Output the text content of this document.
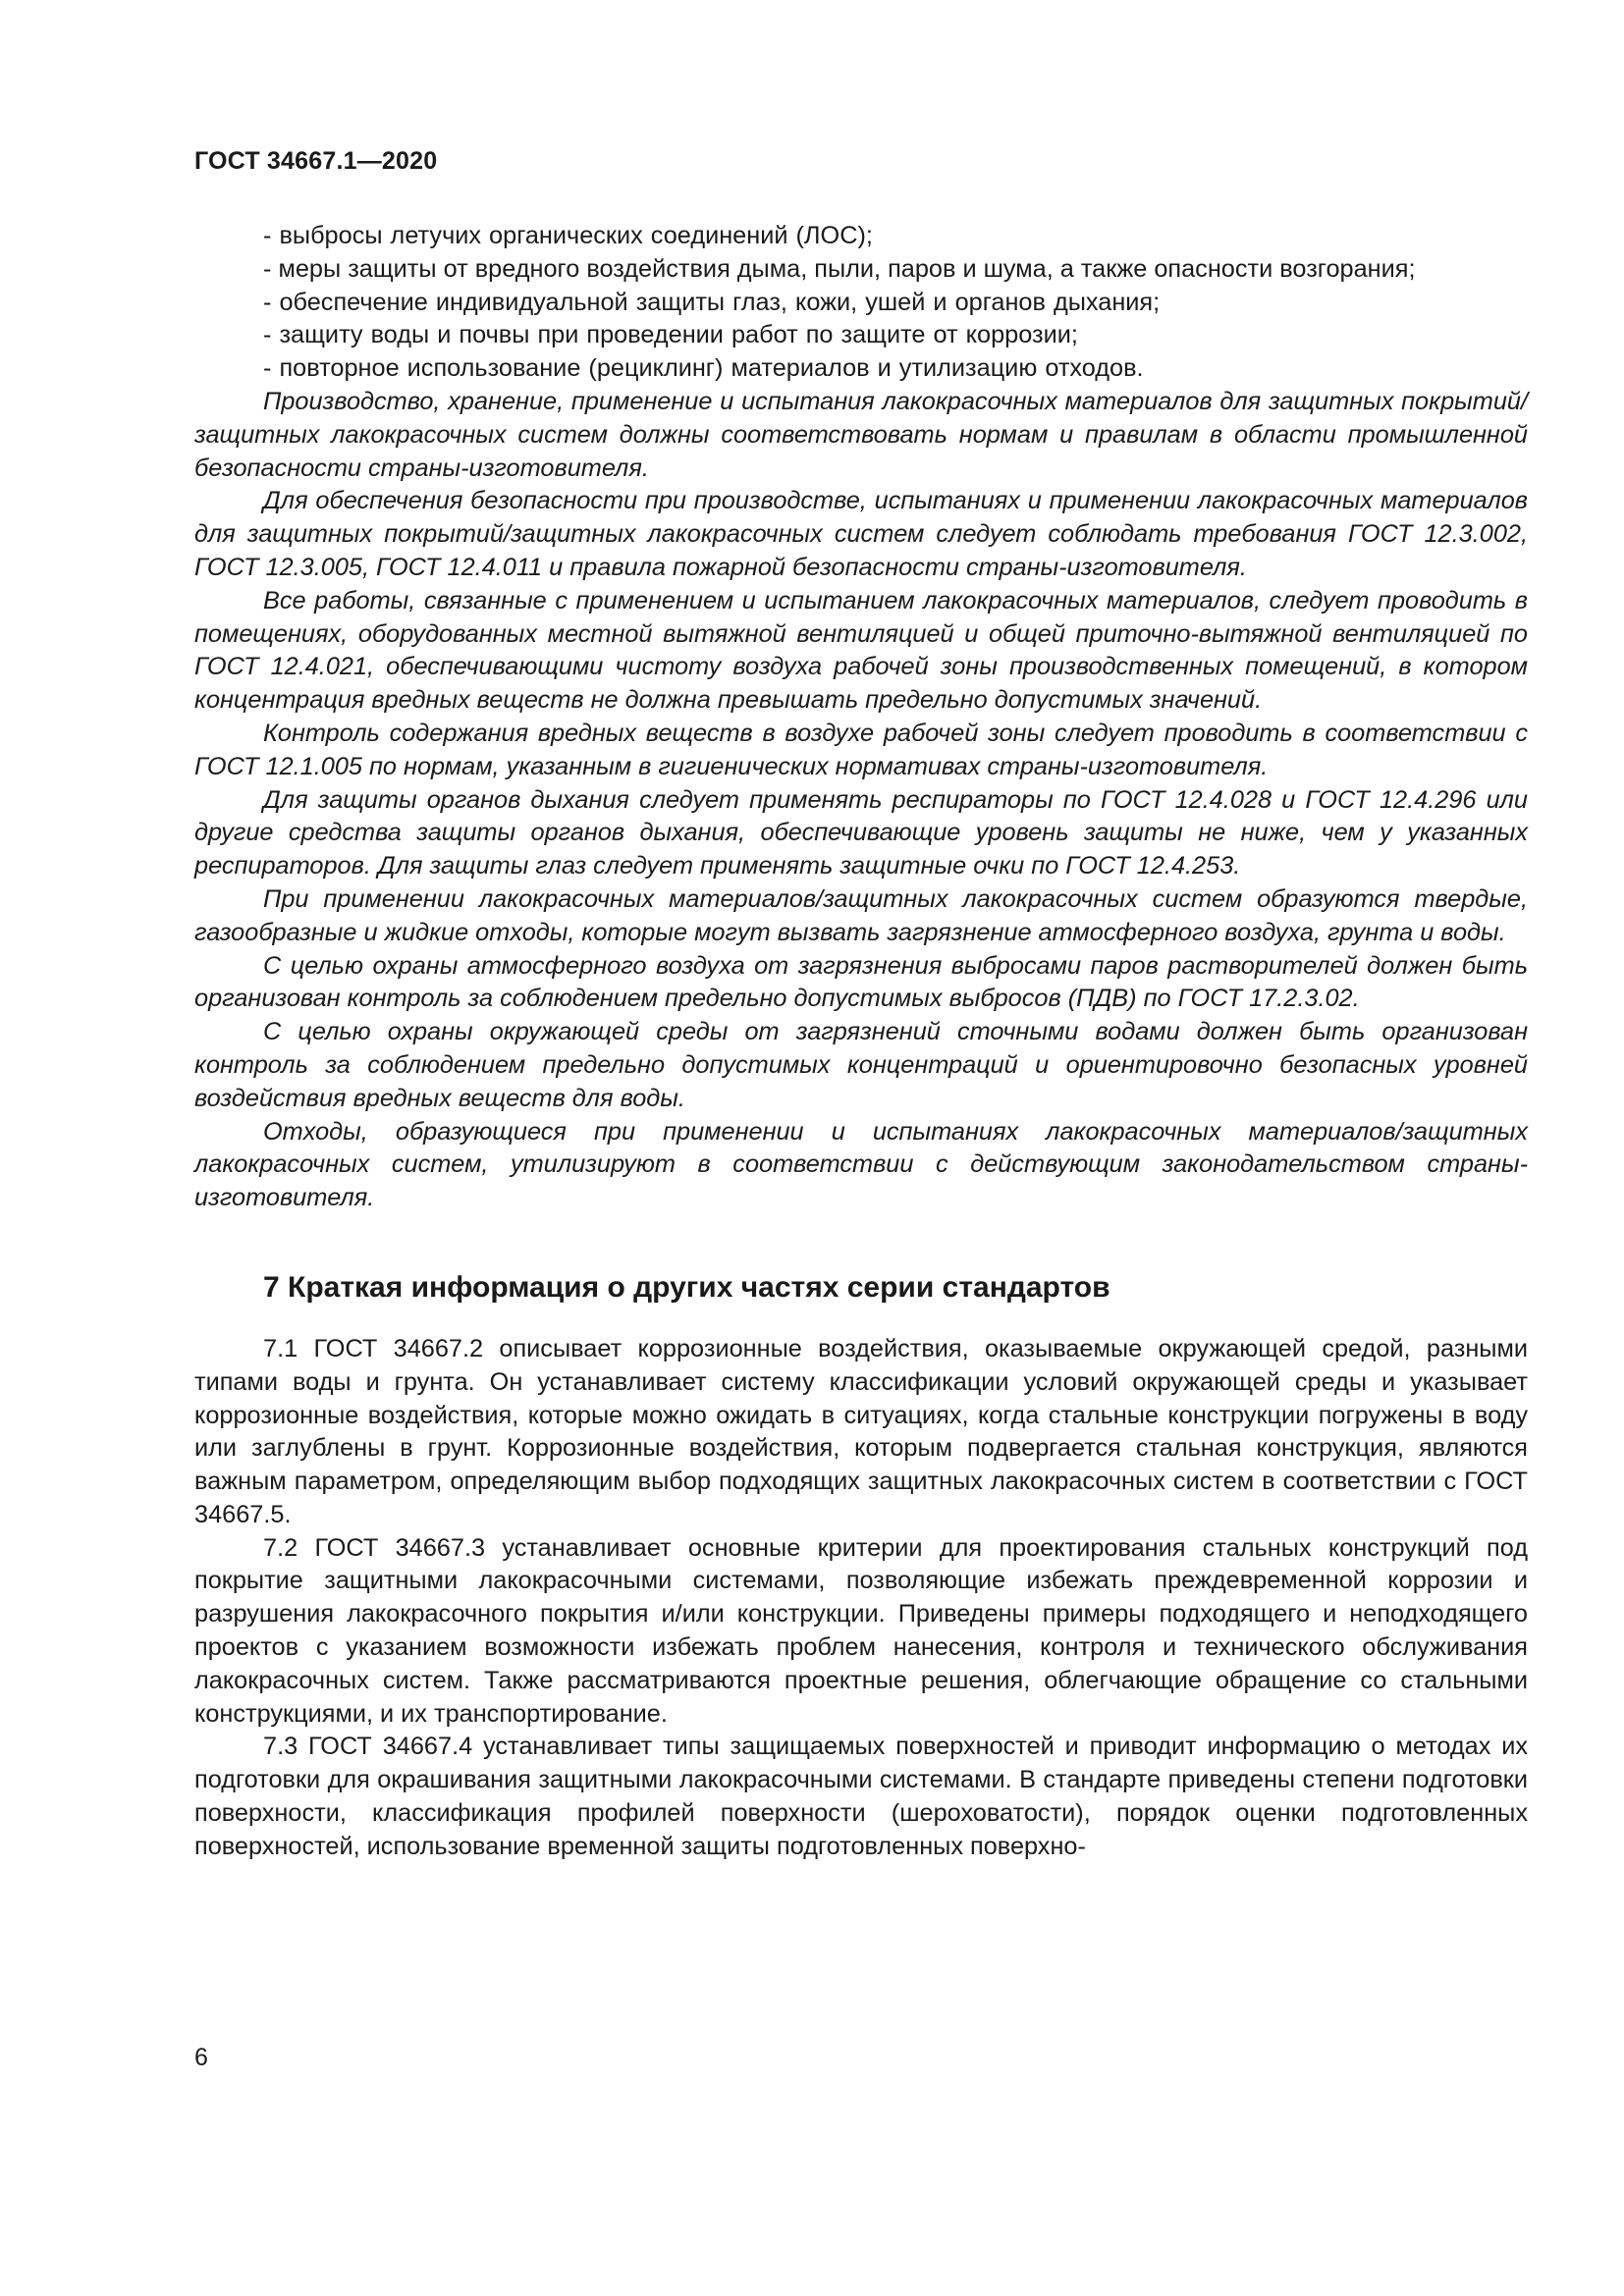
ГОСТ 34667.1—2020

- выбросы летучих органических соединений (ЛОС);

- меры защиты от вредного воздействия дыма, пыли, паров и шума, а также опасности возгорания;

- обеспечение индивидуальной защиты глаз, кожи, ушей и органов дыхания;

- защиту воды и почвы при проведении работ по защите от коррозии;

- повторное использование (рециклинг) материалов и утилизацию отходов.

Производство, хранение, применение и испытания лакокрасочных материалов для защитных покрытий/защитных лакокрасочных систем должны соответствовать нормам и правилам в области промышленной безопасности страны-изготовителя.

Для обеспечения безопасности при производстве, испытаниях и применении лакокрасочных материалов для защитных покрытий/защитных лакокрасочных систем следует соблюдать требования ГОСТ 12.3.002, ГОСТ 12.3.005, ГОСТ 12.4.011 и правила пожарной безопасности страны-изготовителя.

Все работы, связанные с применением и испытанием лакокрасочных материалов, следует проводить в помещениях, оборудованных местной вытяжной вентиляцией и общей приточно-вытяжной вентиляцией по ГОСТ 12.4.021, обеспечивающими чистоту воздуха рабочей зоны производственных помещений, в котором концентрация вредных веществ не должна превышать предельно допустимых значений.

Контроль содержания вредных веществ в воздухе рабочей зоны следует проводить в соответствии с ГОСТ 12.1.005 по нормам, указанным в гигиенических нормативах страны-изготовителя.

Для защиты органов дыхания следует применять респираторы по ГОСТ 12.4.028 и ГОСТ 12.4.296 или другие средства защиты органов дыхания, обеспечивающие уровень защиты не ниже, чем у указанных респираторов. Для защиты глаз следует применять защитные очки по ГОСТ 12.4.253.

При применении лакокрасочных материалов/защитных лакокрасочных систем образуются твердые, газообразные и жидкие отходы, которые могут вызвать загрязнение атмосферного воздуха, грунта и воды.

С целью охраны атмосферного воздуха от загрязнения выбросами паров растворителей должен быть организован контроль за соблюдением предельно допустимых выбросов (ПДВ) по ГОСТ 17.2.3.02.

С целью охраны окружающей среды от загрязнений сточными водами должен быть организован контроль за соблюдением предельно допустимых концентраций и ориентировочно безопасных уровней воздействия вредных веществ для воды.

Отходы, образующиеся при применении и испытаниях лакокрасочных материалов/защитных лакокрасочных систем, утилизируют в соответствии с действующим законодательством страны-изготовителя.

7 Краткая информация о других частях серии стандартов

7.1 ГОСТ 34667.2 описывает коррозионные воздействия, оказываемые окружающей средой, разными типами воды и грунта. Он устанавливает систему классификации условий окружающей среды и указывает коррозионные воздействия, которые можно ожидать в ситуациях, когда стальные конструкции погружены в воду или заглублены в грунт. Коррозионные воздействия, которым подвергается стальная конструкция, являются важным параметром, определяющим выбор подходящих защитных лакокрасочных систем в соответствии с ГОСТ 34667.5.

7.2 ГОСТ 34667.3 устанавливает основные критерии для проектирования стальных конструкций под покрытие защитными лакокрасочными системами, позволяющие избежать преждевременной коррозии и разрушения лакокрасочного покрытия и/или конструкции. Приведены примеры подходящего и неподходящего проектов с указанием возможности избежать проблем нанесения, контроля и технического обслуживания лакокрасочных систем. Также рассматриваются проектные решения, облегчающие обращение со стальными конструкциями, и их транспортирование.

7.3 ГОСТ 34667.4 устанавливает типы защищаемых поверхностей и приводит информацию о методах их подготовки для окрашивания защитными лакокрасочными системами. В стандарте приведены степени подготовки поверхности, классификация профилей поверхности (шероховатости), порядок оценки подготовленных поверхностей, использование временной защиты подготовленных поверхно-

6
